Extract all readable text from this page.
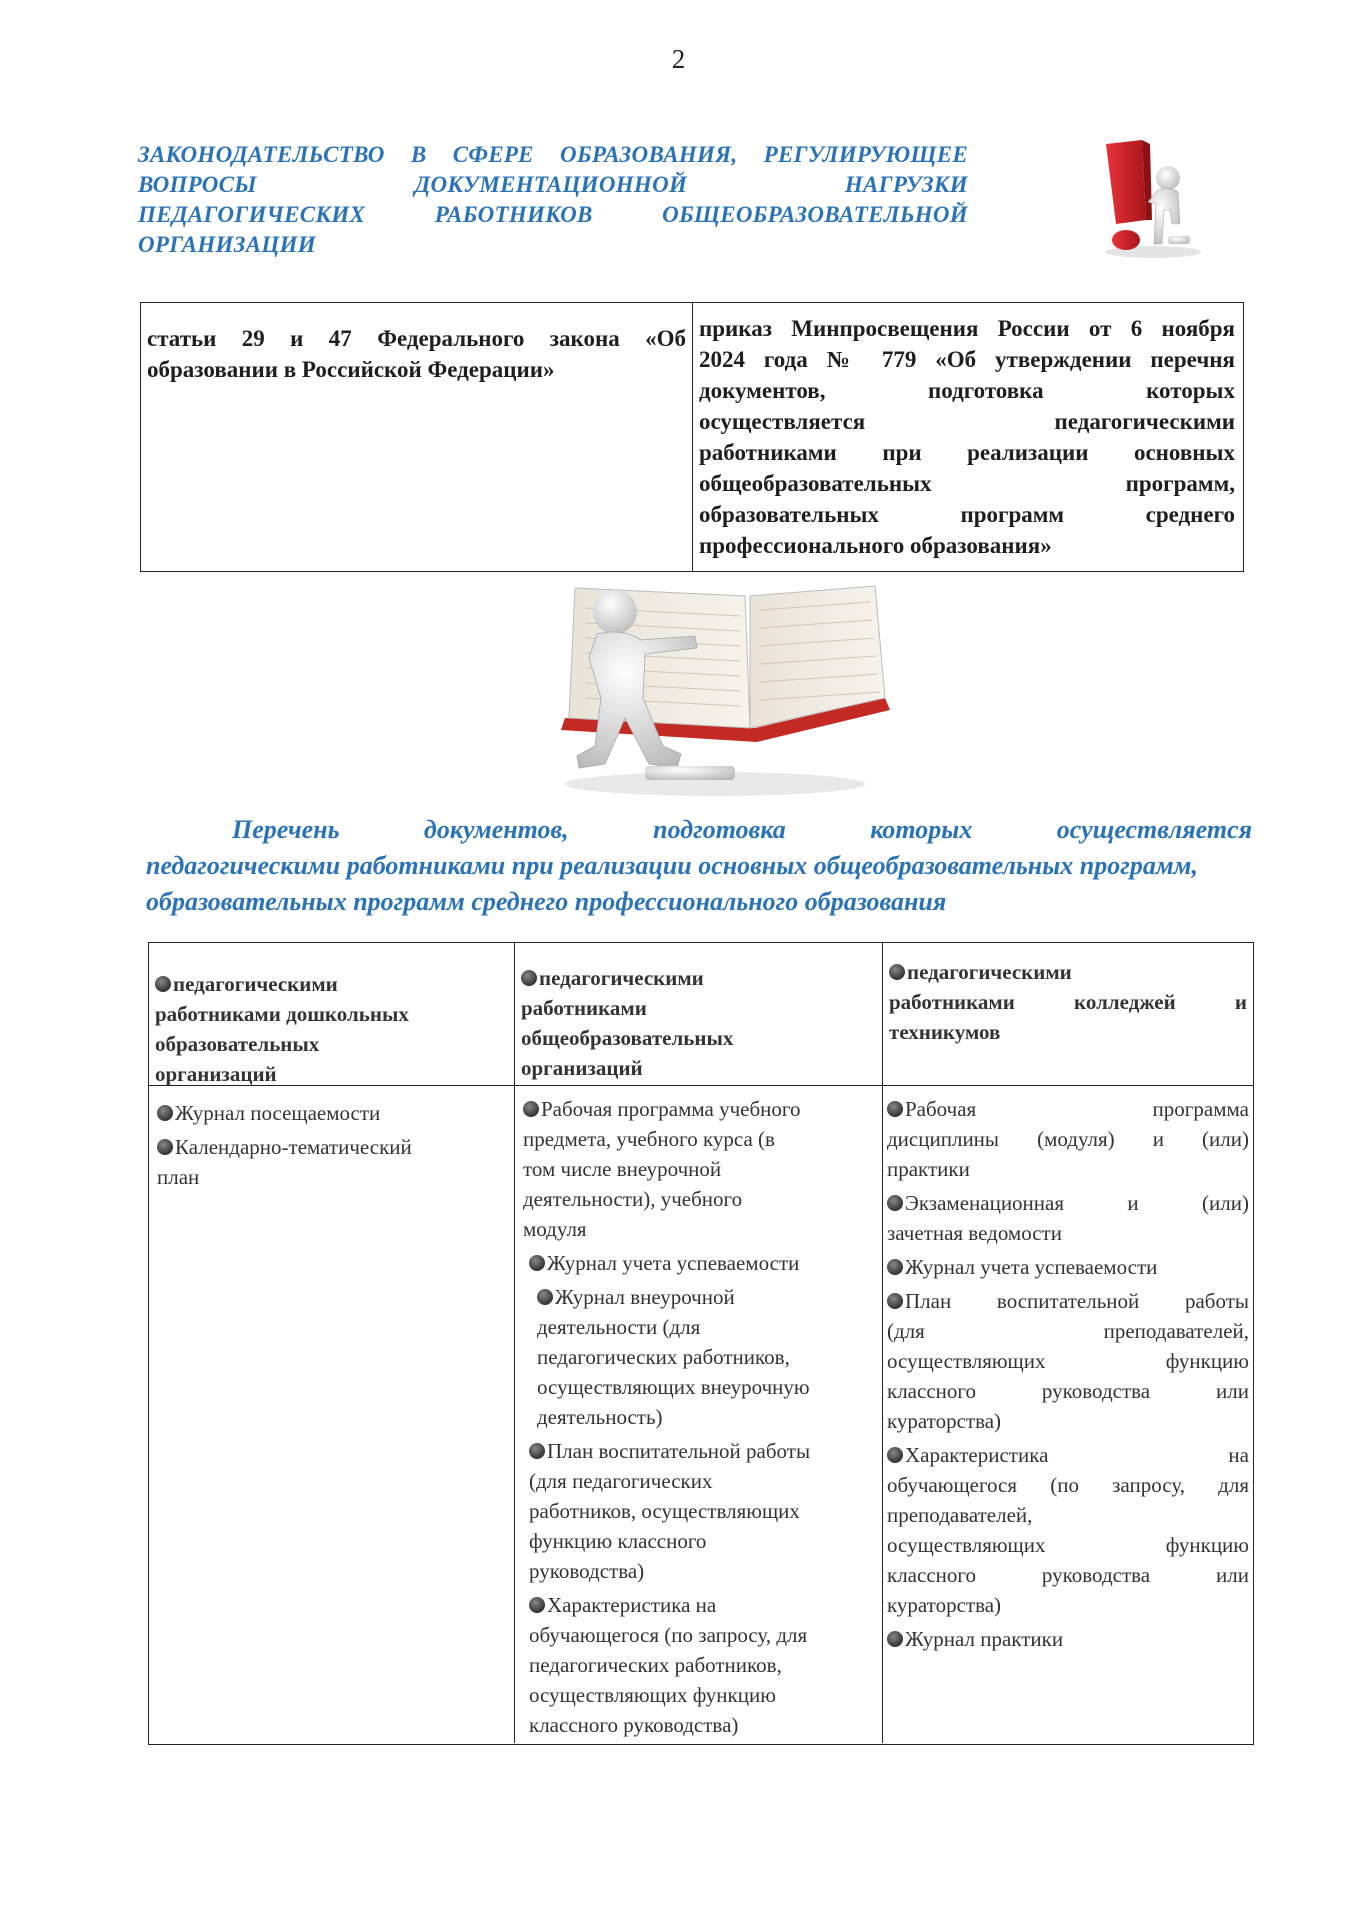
2
ЗАКОНОДАТЕЛЬСТВО В СФЕРЕ ОБРАЗОВАНИЯ, РЕГУЛИРУЮЩЕЕ
ВОПРОСЫ ДОКУМЕНТАЦИОННОЙ НАГРУЗКИ
ПЕДАГОГИЧЕСКИХ РАБОТНИКОВ ОБЩЕОБРАЗОВАТЕЛЬНОЙ
ОРГАНИЗАЦИИ
статьи 29 и 47 Федерального закона «Об
образовании в Российской Федерации»
приказ Минпросвещения России от 6 ноября
2024 года № 779 «Об утверждении перечня
документов, подготовка которых
осуществляется педагогическими
работниками при реализации основных
общеобразовательных программ,
образовательных программ среднего
профессионального образования»
Перечень документов, подготовка которых осуществляется
педагогическими работниками при реализации основных общеобразовательных программ, образовательных программ среднего профессионального образования
педагогическими
работниками дошкольных
образовательных
организаций
педагогическими
работниками
общеобразовательных
организаций
педагогическими
работниками колледжей и
техникумов
Журнал посещаемости
Календарно-тематический
план
Рабочая программа учебного
предмета, учебного курса (в
том числе внеурочной
деятельности), учебного
модуля
Журнал учета успеваемости
Журнал внеурочной
деятельности (для
педагогических работников,
осуществляющих внеурочную
деятельность)
План воспитательной работы
(для педагогических
работников, осуществляющих
функцию классного
руководства)
Характеристика на
обучающегося (по запросу, для
педагогических работников,
осуществляющих функцию
классного руководства)
Рабочая программа
дисциплины (модуля) и (или)
практики
Экзаменационная и (или)
зачетная ведомости
Журнал учета успеваемости
План воспитательной работы
(для преподавателей,
осуществляющих функцию
классного руководства или
кураторства)
Характеристика на
обучающегося (по запросу, для
преподавателей,
осуществляющих функцию
классного руководства или
кураторства)
Журнал практики
